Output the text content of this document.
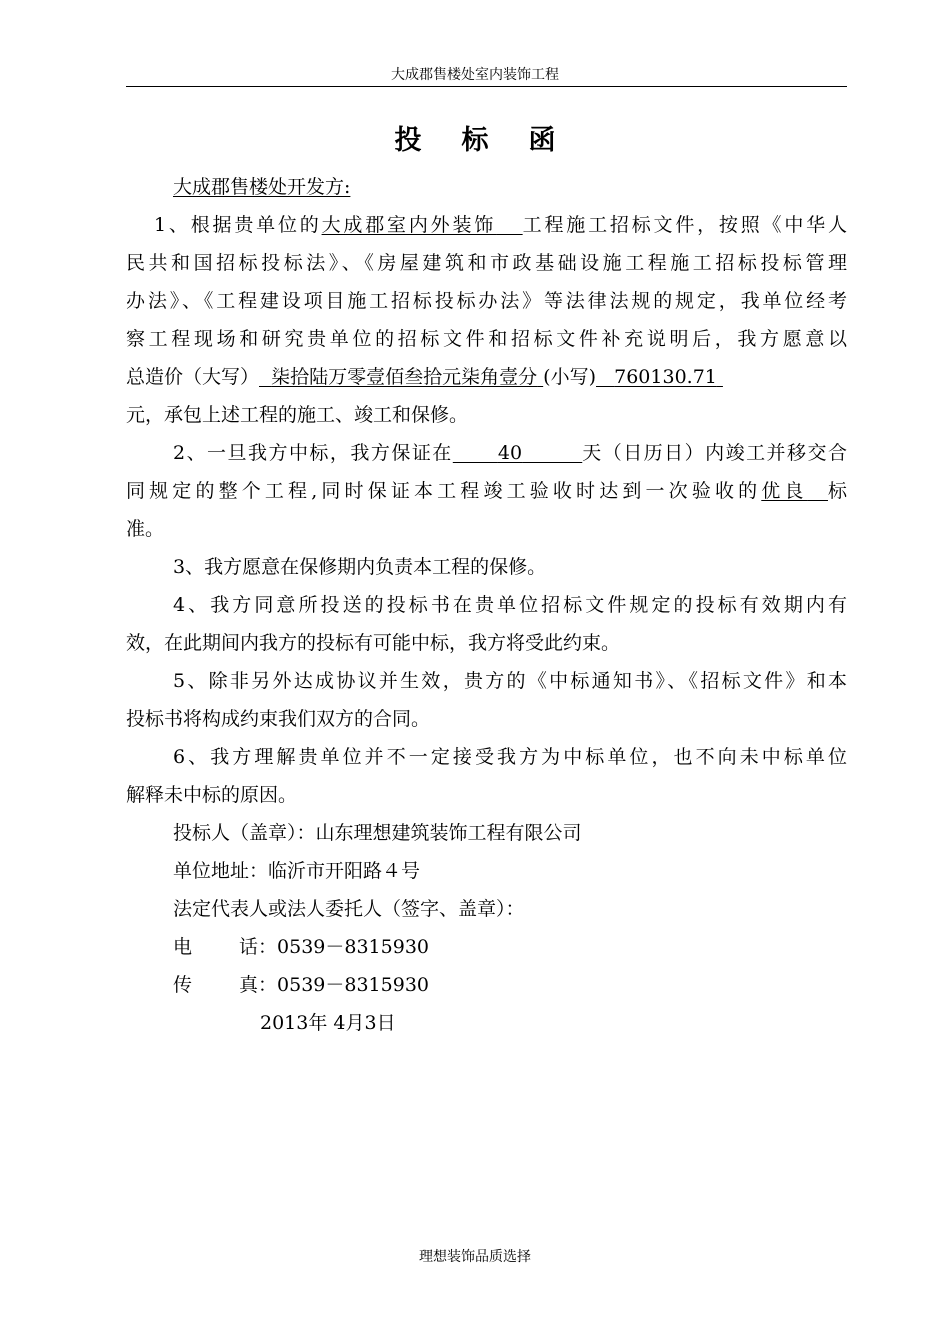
大成郡售楼处室内装饰工程
投 标 函
大成郡售楼处开发方:
1、根据贵单位的大成郡室内外装饰 工程施工招标文件，按照《中华人
民共和国招标投标法》、《房屋建筑和市政基础设施工程施工招标投标管理
办法》、《工程建设项目施工招标投标办法》等法律法规的规定，我单位经考
察工程现场和研究贵单位的招标文件和招标文件补充说明后，我方愿意以
总造价（大写） 柒拾陆万零壹佰叁拾元柒角壹分 (小写) 760130.71
元，承包上述工程的施工、竣工和保修。
2、一旦我方中标，我方保证在 40	天（日历日）内竣工并移交合
同规定的整个工程,同时保证本工程竣工验收时达到一次验收的优良 标
准。
3、我方愿意在保修期内负责本工程的保修。
4、我方同意所投送的投标书在贵单位招标文件规定的投标有效期内有
效，在此期间内我方的投标有可能中标，我方将受此约束。
5、除非另外达成协议并生效，贵方的《中标通知书》、《招标文件》和本
投标书将构成约束我们双方的合同。
6、我方理解贵单位并不一定接受我方为中标单位，也不向未中标单位
解释未中标的原因。
投标人（盖章）：山东理想建筑装饰工程有限公司
单位地址：临沂市开阳路４号
法定代表人或法人委托人（签字、盖章）：
电 话：0539－8315930
传 真：0539－8315930
2013年 4月3日
理想装饰品质选择
